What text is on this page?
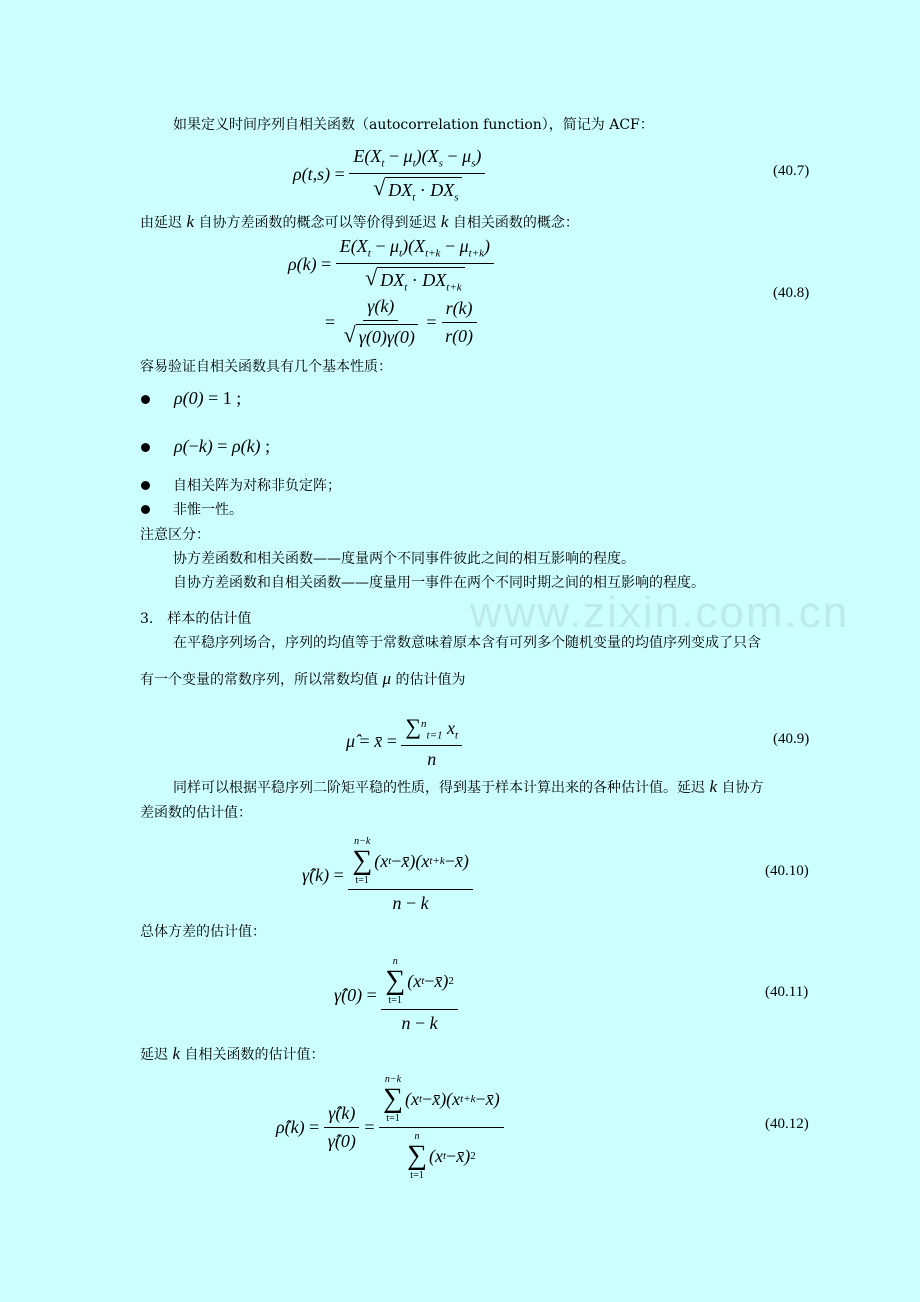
www.zixin.com.cn
如果定义时间序列自相关函数（autocorrelation function），简记为 ACF：
ρ( t , s ) = $\frac{E(X_t - \mu_t)(X_s - \mu_s)}{√ DX_t \cdot DX_s}$	(40.7)
由延迟 k 自协方差函数的概念可以等价得到延迟 k 自相关函数的概念：
$\rho(k) = \frac{E(X_t - \mu_t)(X_{t+k} - \mu_{t+k})}{√ DX_t \cdot DX_{t+k}}$
= $\frac{\gamma(k)}{√ \gamma(0)\gamma(0)} = \frac{r(k)}{r(0)}$
(40.8)
容易验证自相关函数具有几个基本性质：
ρ(0) = 1 ;
ρ( − k) = ρ(k) ;
自相关阵为对称非负定阵；
非惟一性。
注意区分：
协方差函数和相关函数——度量两个不同事件彼此之间的相互影响的程度。
自协方差函数和自相关函数——度量用一事件在两个不同时期之间的相互影响的程度。
3.　样本的估计值
在平稳序列场合，序列的均值等于常数意味着原本含有可列多个随机变量的均值序列变成了只含
有一个变量的常数序列，所以常数均值 μ 的估计值为
μ̂ = x̄ = $\frac{\sum^n_{t=1} x_t}{n}$	(40.9)
同样可以根据平稳序列二阶矩平稳的性质，得到基于样本计算出来的各种估计值。延迟 k 自协方
差函数的估计值：
γ̂(k) = n−k
∑
t=1
(x t − x̄)(x t+k − x̄)
n − k	(40.10)
总体方差的估计值：
γ̂(0) = n
∑
t=1
(x t − x̄) 2
n − k	(40.11)
延迟 k 自相关函数的估计值：
ρ̂(k) = $\frac{\gammâ(k)}{\gammâ(0)} = n-k$
∑
t=1
(x t − x̄)(x t+k − x̄)
n
∑
t=1
(x t − x̄) 2	(40.12)
